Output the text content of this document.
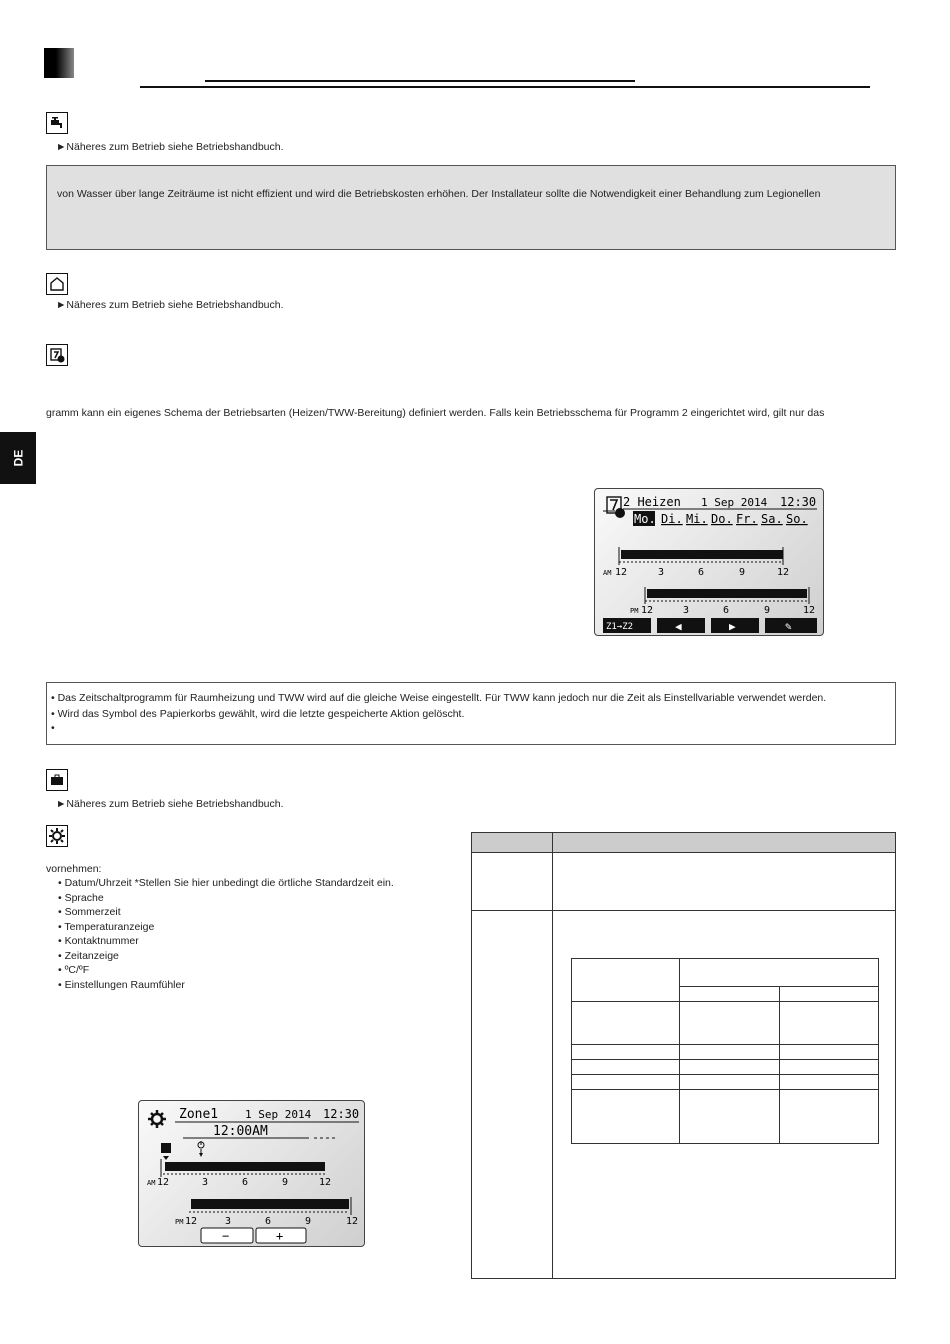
►Näheres zum Betrieb siehe Betriebshandbuch.

von Wasser über lange Zeiträume ist nicht effizient und wird die Betriebskosten erhöhen. Der Installateur sollte die Notwendigkeit einer Behandlung zum Legionellen

►Näheres zum Betrieb siehe Betriebshandbuch.
gramm kann ein eigenes Schema der Betriebsarten (Heizen/TWW-Bereitung) definiert werden. Falls kein Betriebsschema für Programm 2 eingerichtet wird, gilt nur das
DE
2 Heizen 1 Sep 2014 12:30
Mo. Di. Mi. Do. Fr. Sa. So.
AM 12	3	6	9	12
PM 12	3	6	9	12
Z1→Z2	◀	▶	✎
• Das Zeitschaltprogramm für Raumheizung und TWW wird auf die gleiche Weise eingestellt. Für TWW kann jedoch nur die Zeit als Einstellvariable verwendet werden.
• Wird das Symbol des Papierkorbs gewählt, wird die letzte gespeicherte Aktion gelöscht.
•
►Näheres zum Betrieb siehe Betriebshandbuch.
vornehmen:
• Datum/Uhrzeit *Stellen Sie hier unbedingt die örtliche Standardzeit ein.
• Sprache
• Sommerzeit
• Temperaturanzeige
• Kontaktnummer
• Zeitanzeige
• ºC/ºF
• Einstellungen Raumfühler
Zone1 1 Sep 2014 12:30
12:00AM
AM 12	3	6	9	12
PM 12	3	6	9	12
−	+
